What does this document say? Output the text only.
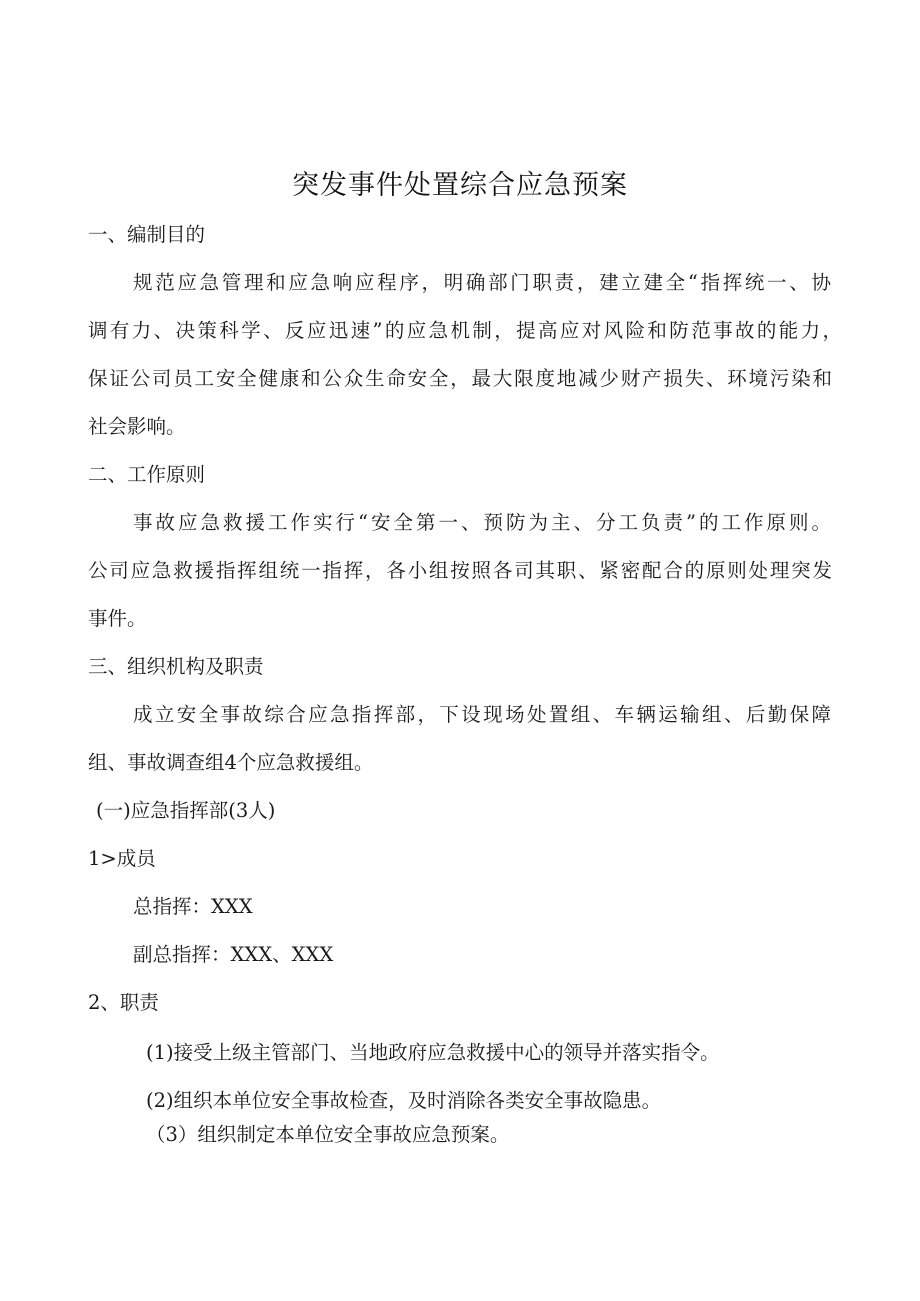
突发事件处置综合应急预案
一、编制目的
规范应急管理和应急响应程序，明确部门职责，建立建全“指挥统一、协
调有力、决策科学、反应迅速”的应急机制，提高应对风险和防范事故的能力，
保证公司员工安全健康和公众生命安全，最大限度地减少财产损失、环境污染和
社会影响。
二、工作原则
事故应急救援工作实行“安全第一、预防为主、分工负责”的工作原则。
公司应急救援指挥组统一指挥，各小组按照各司其职、紧密配合的原则处理突发
事件。
三、组织机构及职责
成立安全事故综合应急指挥部，下设现场处置组、车辆运输组、后勤保障
组、事故调查组4个应急救援组。
(一)应急指挥部(3人)
1>成员
总指挥：XXX
副总指挥：XXX、XXX
2、职责
(1)接受上级主管部门、当地政府应急救援中心的领导并落实指令。
(2)组织本单位安全事故检查，及时消除各类安全事故隐患。
（3）组织制定本单位安全事故应急预案。
